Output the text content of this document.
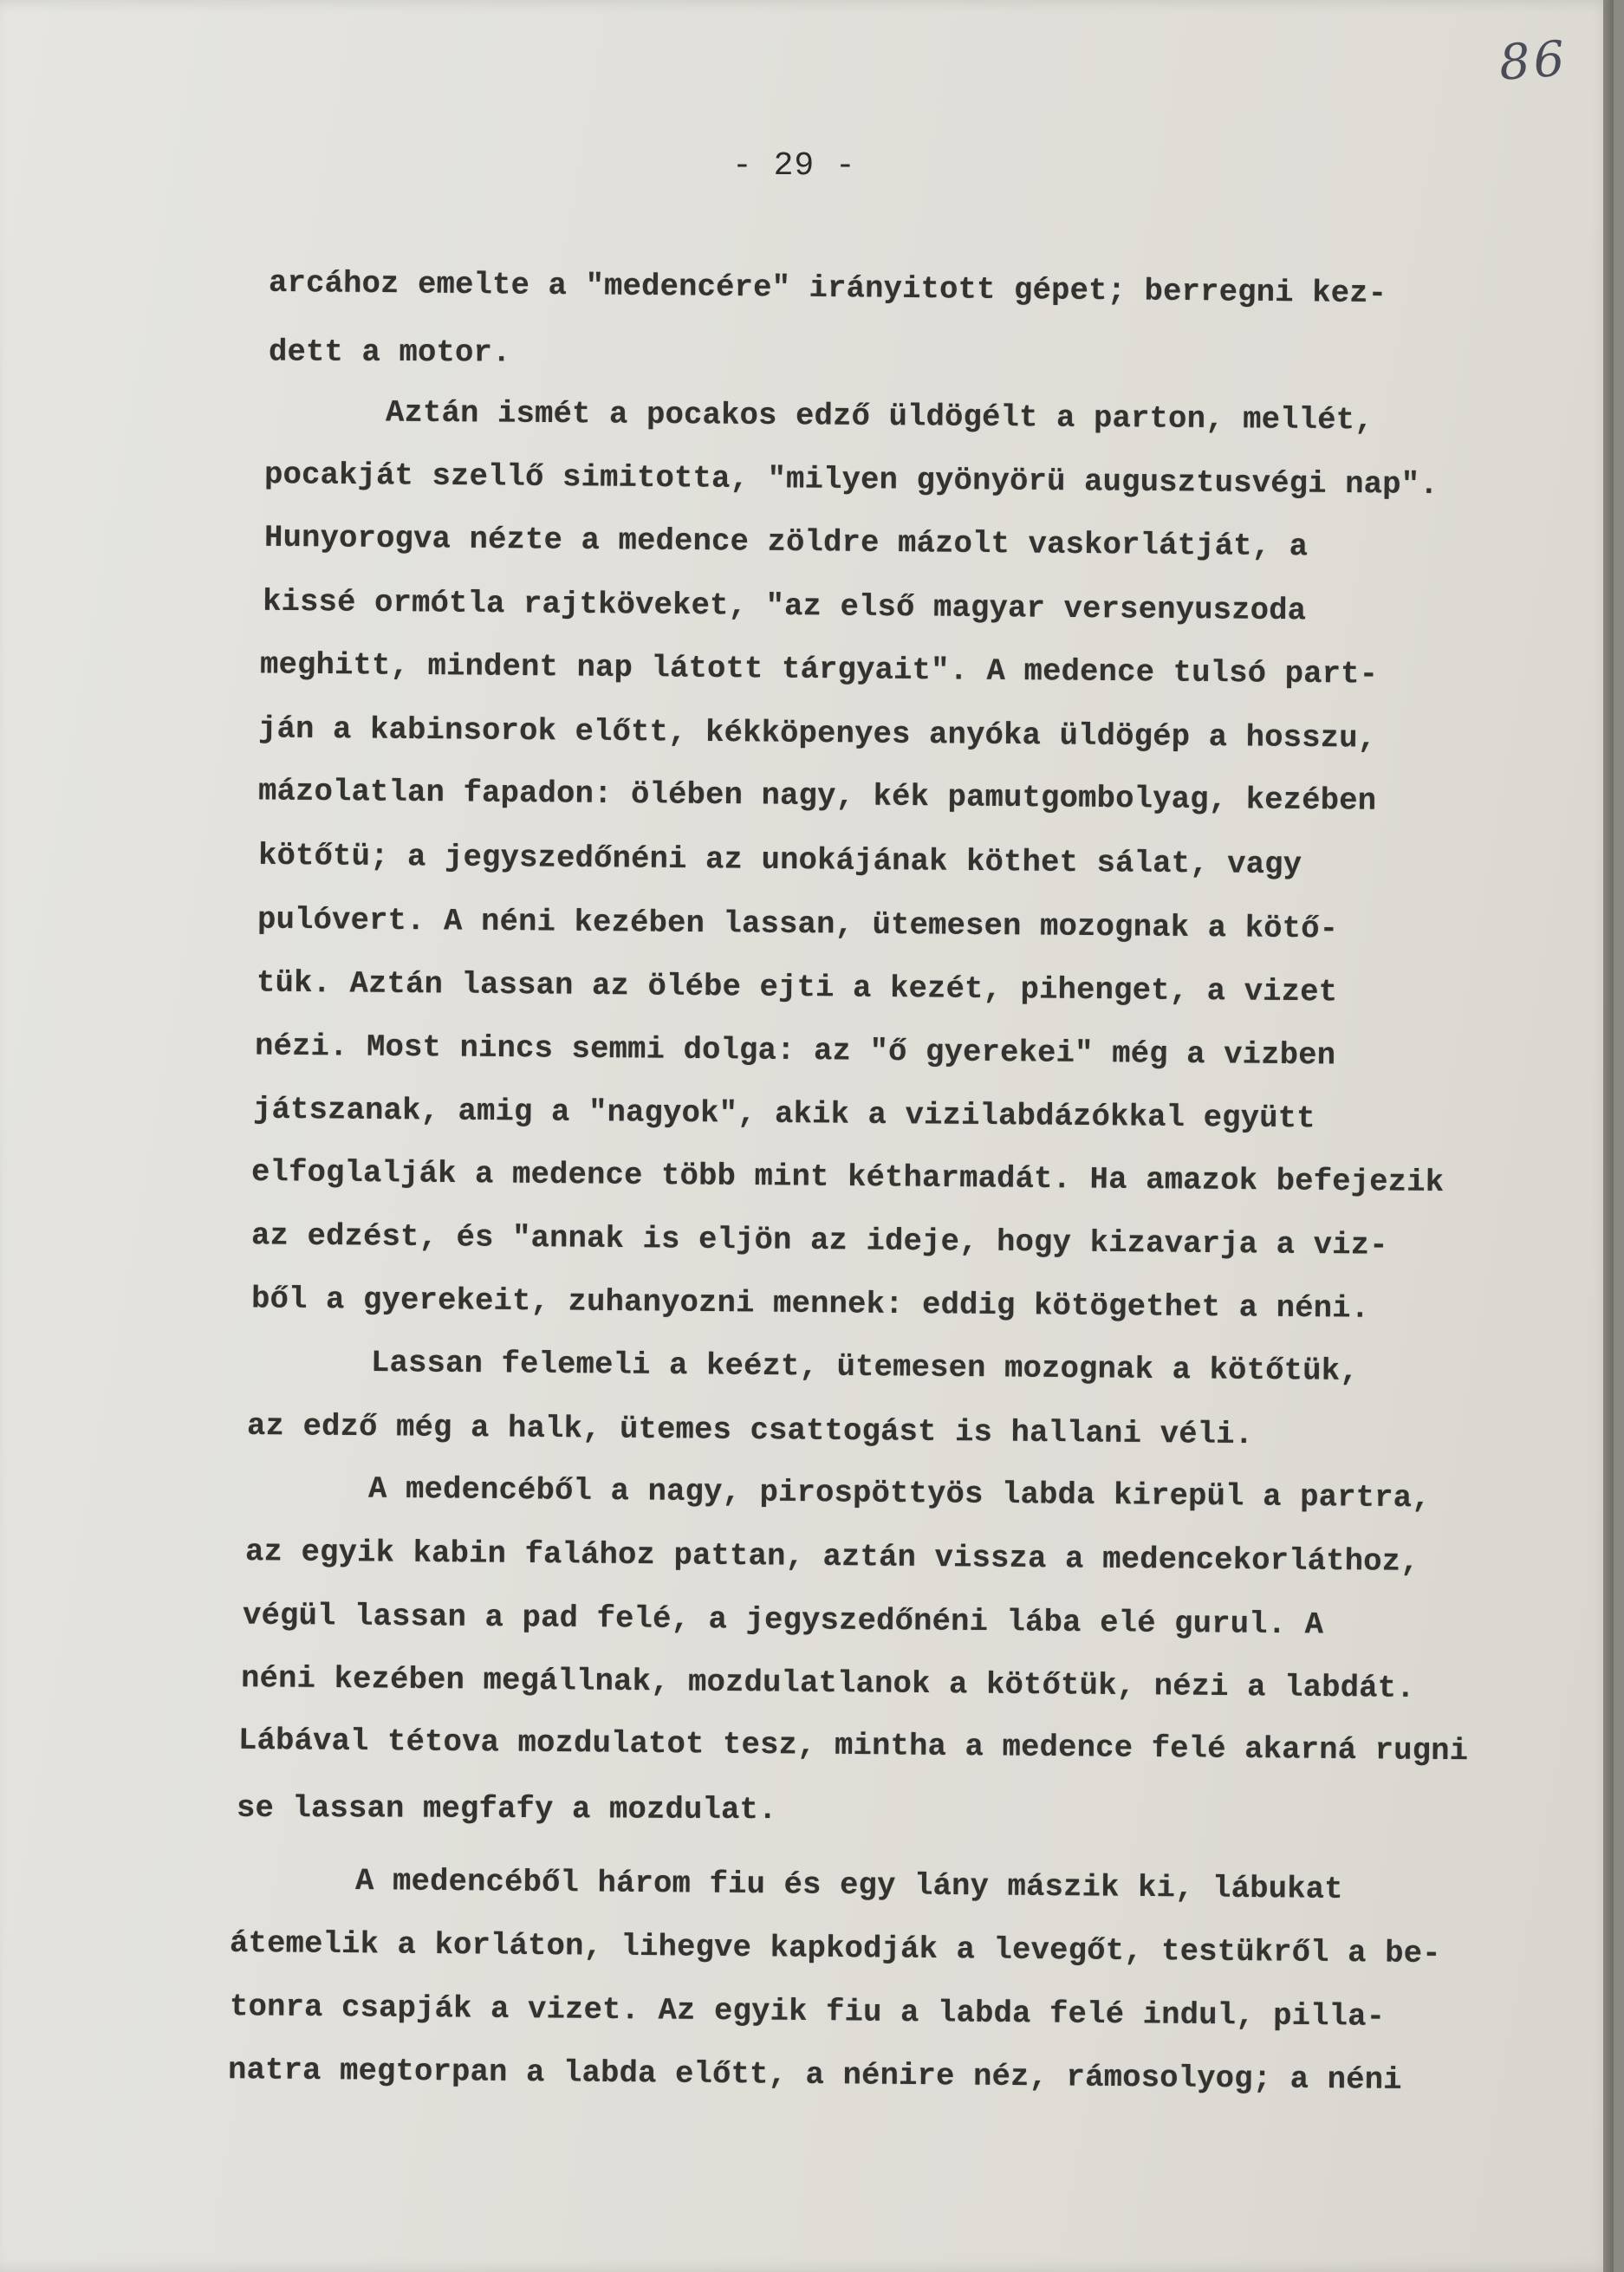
86
- 29 -
arcához emelte a "medencére" irányitott gépet; berregni kez-
dett a motor.
Aztán ismét a pocakos edző üldögélt a parton, mellét,
pocakját szellő simitotta, "milyen gyönyörü augusztusvégi nap".
Hunyorogva nézte a medence zöldre mázolt vaskorlátját, a
kissé ormótla rajtköveket, "az első magyar versenyuszoda
meghitt, mindent nap látott tárgyait". A medence tulsó part-
ján a kabinsorok előtt, kékköpenyes anyóka üldögép a hosszu,
mázolatlan fapadon: ölében nagy, kék pamutgombolyag, kezében
kötőtü; a jegyszedőnéni az unokájának köthet sálat, vagy
pulóvert. A néni kezében lassan, ütemesen mozognak a kötő-
tük. Aztán lassan az ölébe ejti a kezét, pihenget, a vizet
nézi. Most nincs semmi dolga: az "ő gyerekei" még a vizben
játszanak, amig a "nagyok", akik a vizilabdázókkal együtt
elfoglalják a medence több mint kétharmadát. Ha amazok befejezik
az edzést, és "annak is eljön az ideje, hogy kizavarja a viz-
ből a gyerekeit, zuhanyozni mennek: eddig kötögethet a néni.
Lassan felemeli a keézt, ütemesen mozognak a kötőtük,
az edző még a halk, ütemes csattogást is hallani véli.
A medencéből a nagy, pirospöttyös labda kirepül a partra,
az egyik kabin falához pattan, aztán vissza a medencekorláthoz,
végül lassan a pad felé, a jegyszedőnéni lába elé gurul. A
néni kezében megállnak, mozdulatlanok a kötőtük, nézi a labdát.
Lábával tétova mozdulatot tesz, mintha a medence felé akarná rugni
se lassan megfafy a mozdulat.
A medencéből három fiu és egy lány mászik ki, lábukat
átemelik a korláton, lihegve kapkodják a levegőt, testükről a be-
tonra csapják a vizet. Az egyik fiu a labda felé indul, pilla-
natra megtorpan a labda előtt, a nénire néz, rámosolyog; a néni
